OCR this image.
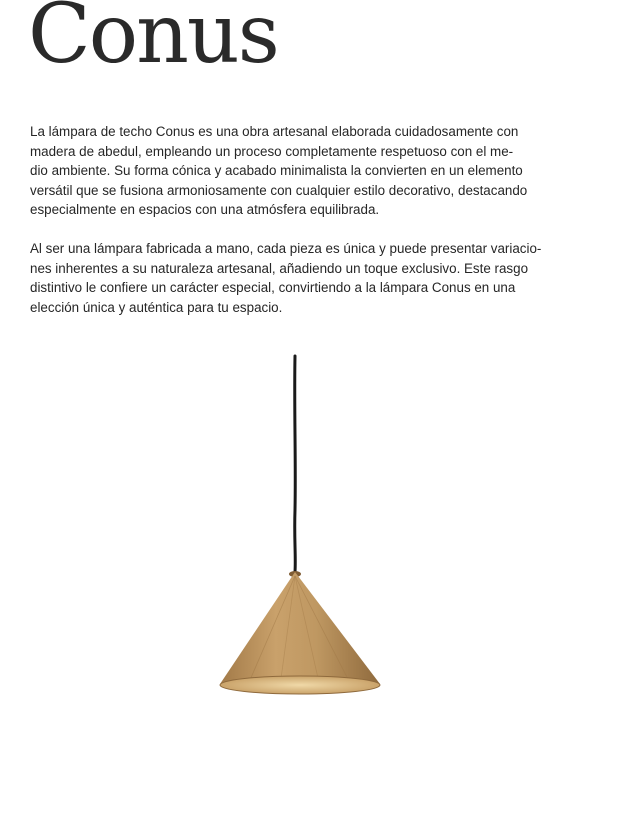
Conus

La lámpara de techo Conus es una obra artesanal elaborada cuidadosamente con
madera de abedul, empleando un proceso completamente respetuoso con el me-
dio ambiente. Su forma cónica y acabado minimalista la convierten en un elemento
versátil que se fusiona armoniosamente con cualquier estilo decorativo, destacando
especialmente en espacios con una atmósfera equilibrada.

Al ser una lámpara fabricada a mano, cada pieza es única y puede presentar variacio-
nes inherentes a su naturaleza artesanal, añadiendo un toque exclusivo. Este rasgo
distintivo le confiere un carácter especial, convirtiendo a la lámpara Conus en una
elección única y auténtica para tu espacio.
